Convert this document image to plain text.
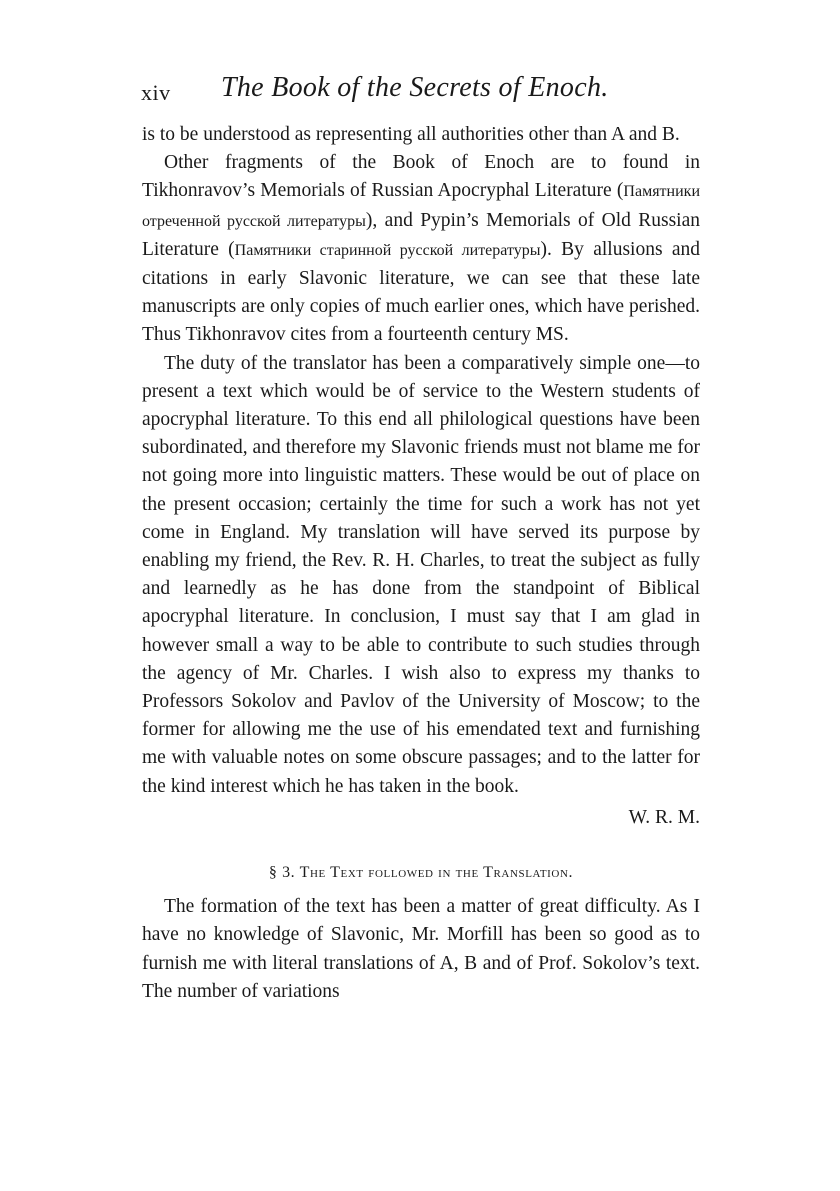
xiv The Book of the Secrets of Enoch.

is to be understood as representing all authorities other than A and B.

Other fragments of the Book of Enoch are to found in Tikhonravov’s Memorials of Russian Apocryphal Literature (Памятники отреченной русской литературы), and Pypin’s Memorials of Old Russian Literature (Памятники старинной русской литературы). By allusions and citations in early Slavonic literature, we can see that these late manuscripts are only copies of much earlier ones, which have perished. Thus Tikhonravov cites from a fourteenth century MS.

The duty of the translator has been a comparatively simple one—to present a text which would be of service to the Western students of apocryphal literature. To this end all philological questions have been subordinated, and therefore my Slavonic friends must not blame me for not going more into linguistic matters. These would be out of place on the present occasion; certainly the time for such a work has not yet come in England. My translation will have served its purpose by enabling my friend, the Rev. R. H. Charles, to treat the subject as fully and learnedly as he has done from the standpoint of Biblical apocryphal literature. In conclusion, I must say that I am glad in however small a way to be able to contribute to such studies through the agency of Mr. Charles. I wish also to express my thanks to Professors Sokolov and Pavlov of the University of Moscow; to the former for allowing me the use of his emendated text and furnishing me with valuable notes on some obscure passages; and to the latter for the kind interest which he has taken in the book.

W. R. M.

§ 3. The Text followed in the Translation.

The formation of the text has been a matter of great difficulty. As I have no knowledge of Slavonic, Mr. Morfill has been so good as to furnish me with literal translations of A, B and of Prof. Sokolov’s text. The number of variations
